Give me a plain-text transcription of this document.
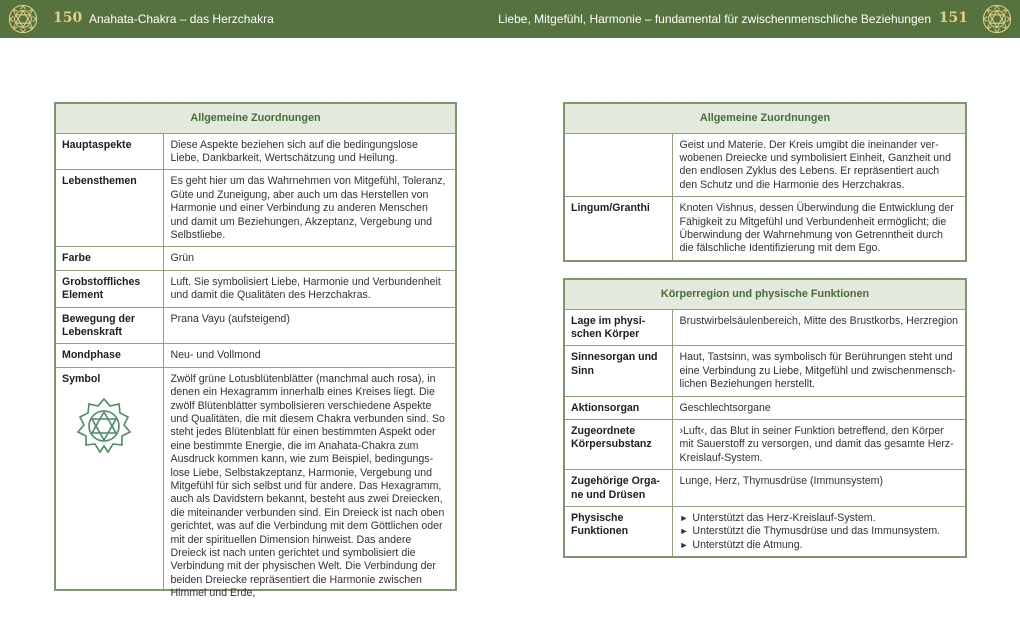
150 Anahata-Chakra – das Herzchakra	Liebe, Mitgefühl, Harmonie – fundamental für zwischenmenschliche Beziehungen 151
Allgemeine Zuordnungen	
Hauptaspekte	Diese Aspekte beziehen sich auf die bedingungslose Liebe, Dankbarkeit, Wertschätzung und Heilung.
Lebensthemen	Es geht hier um das Wahrnehmen von Mitgefühl, Toleranz, Güte und Zuneigung, aber auch um das Herstellen von Harmonie und einer Verbindung zu anderen Menschen und damit um Beziehungen, Akzeptanz, Vergebung und Selbstliebe.
Farbe	Grün
Grobstoffliches Element	Luft. Sie symbolisiert Liebe, Harmonie und Verbundenheit und damit die Qualitäten des Herzchakras.
Bewegung der Lebenskraft	Prana Vayu (aufsteigend)
Mondphase	Neu- und Vollmond
Symbol	Zwölf grüne Lotusblütenblätter (manchmal auch rosa), in denen ein Hexagramm innerhalb eines Kreises liegt. Die zwölf Blütenblätter symbolisieren verschiedene Aspekte und Qualitäten, die mit diesem Chakra verbunden sind. So steht jedes Blütenblatt für einen bestimmten Aspekt oder eine bestimmte Energie, die im Anahata-Chakra zum Ausdruck kommen kann, wie zum Beispiel, bedingungslose Liebe, Selbstakzeptanz, Harmonie, Vergebung und Mitgefühl für sich selbst und für andere. Das Hexagramm, auch als Davidstern bekannt, besteht aus zwei Dreiecken, die miteinander verbunden sind. Ein Dreieck ist nach oben gerichtet, was auf die Verbindung mit dem Göttlichen oder mit der spirituellen Dimension hinweist. Das andere Dreieck ist nach unten gerichtet und symbolisiert die Verbindung mit der physischen Welt. Die Verbindung der beiden Dreiecke repräsentiert die Harmonie zwischen Himmel und Erde,
Allgemeine Zuordnungen	
	Geist und Materie. Der Kreis umgibt die ineinander verwobenen Dreiecke und symbolisiert Einheit, Ganzheit und den endlosen Zyklus des Lebens. Er repräsentiert auch den Schutz und die Harmonie des Herzchakras.
Lingum/Granthi	Knoten Vishnus, dessen Überwindung die Entwicklung der Fähigkeit zu Mitgefühl und Verbundenheit ermöglicht; die Überwindung der Wahrnehmung von Getrenntheit durch die fälschliche Identifizierung mit dem Ego.
Körperregion und physische Funktionen	
Lage im physischen Körper	Brustwirbelsäulenbereich, Mitte des Brustkorbs, Herzregion
Sinnesorgan und Sinn	Haut, Tastsinn, was symbolisch für Berührungen steht und eine Verbindung zu Liebe, Mitgefühl und zwischenmenschlichen Beziehungen herstellt.
Aktionsorgan	Geschlechtsorgane
Zugeordnete Körpersubstanz	›Luft‹, das Blut in seiner Funktion betreffend, den Körper mit Sauerstoff zu versorgen, und damit das gesamte Herz-Kreislauf-System.
Zugehörige Organe und Drüsen	Lunge, Herz, Thymusdrüse (Immunsystem)
Physische Funktionen	► Unterstützt das Herz-Kreislauf-System.
► Unterstützt die Thymusdrüse und das Immunsystem.
► Unterstützt die Atmung.
